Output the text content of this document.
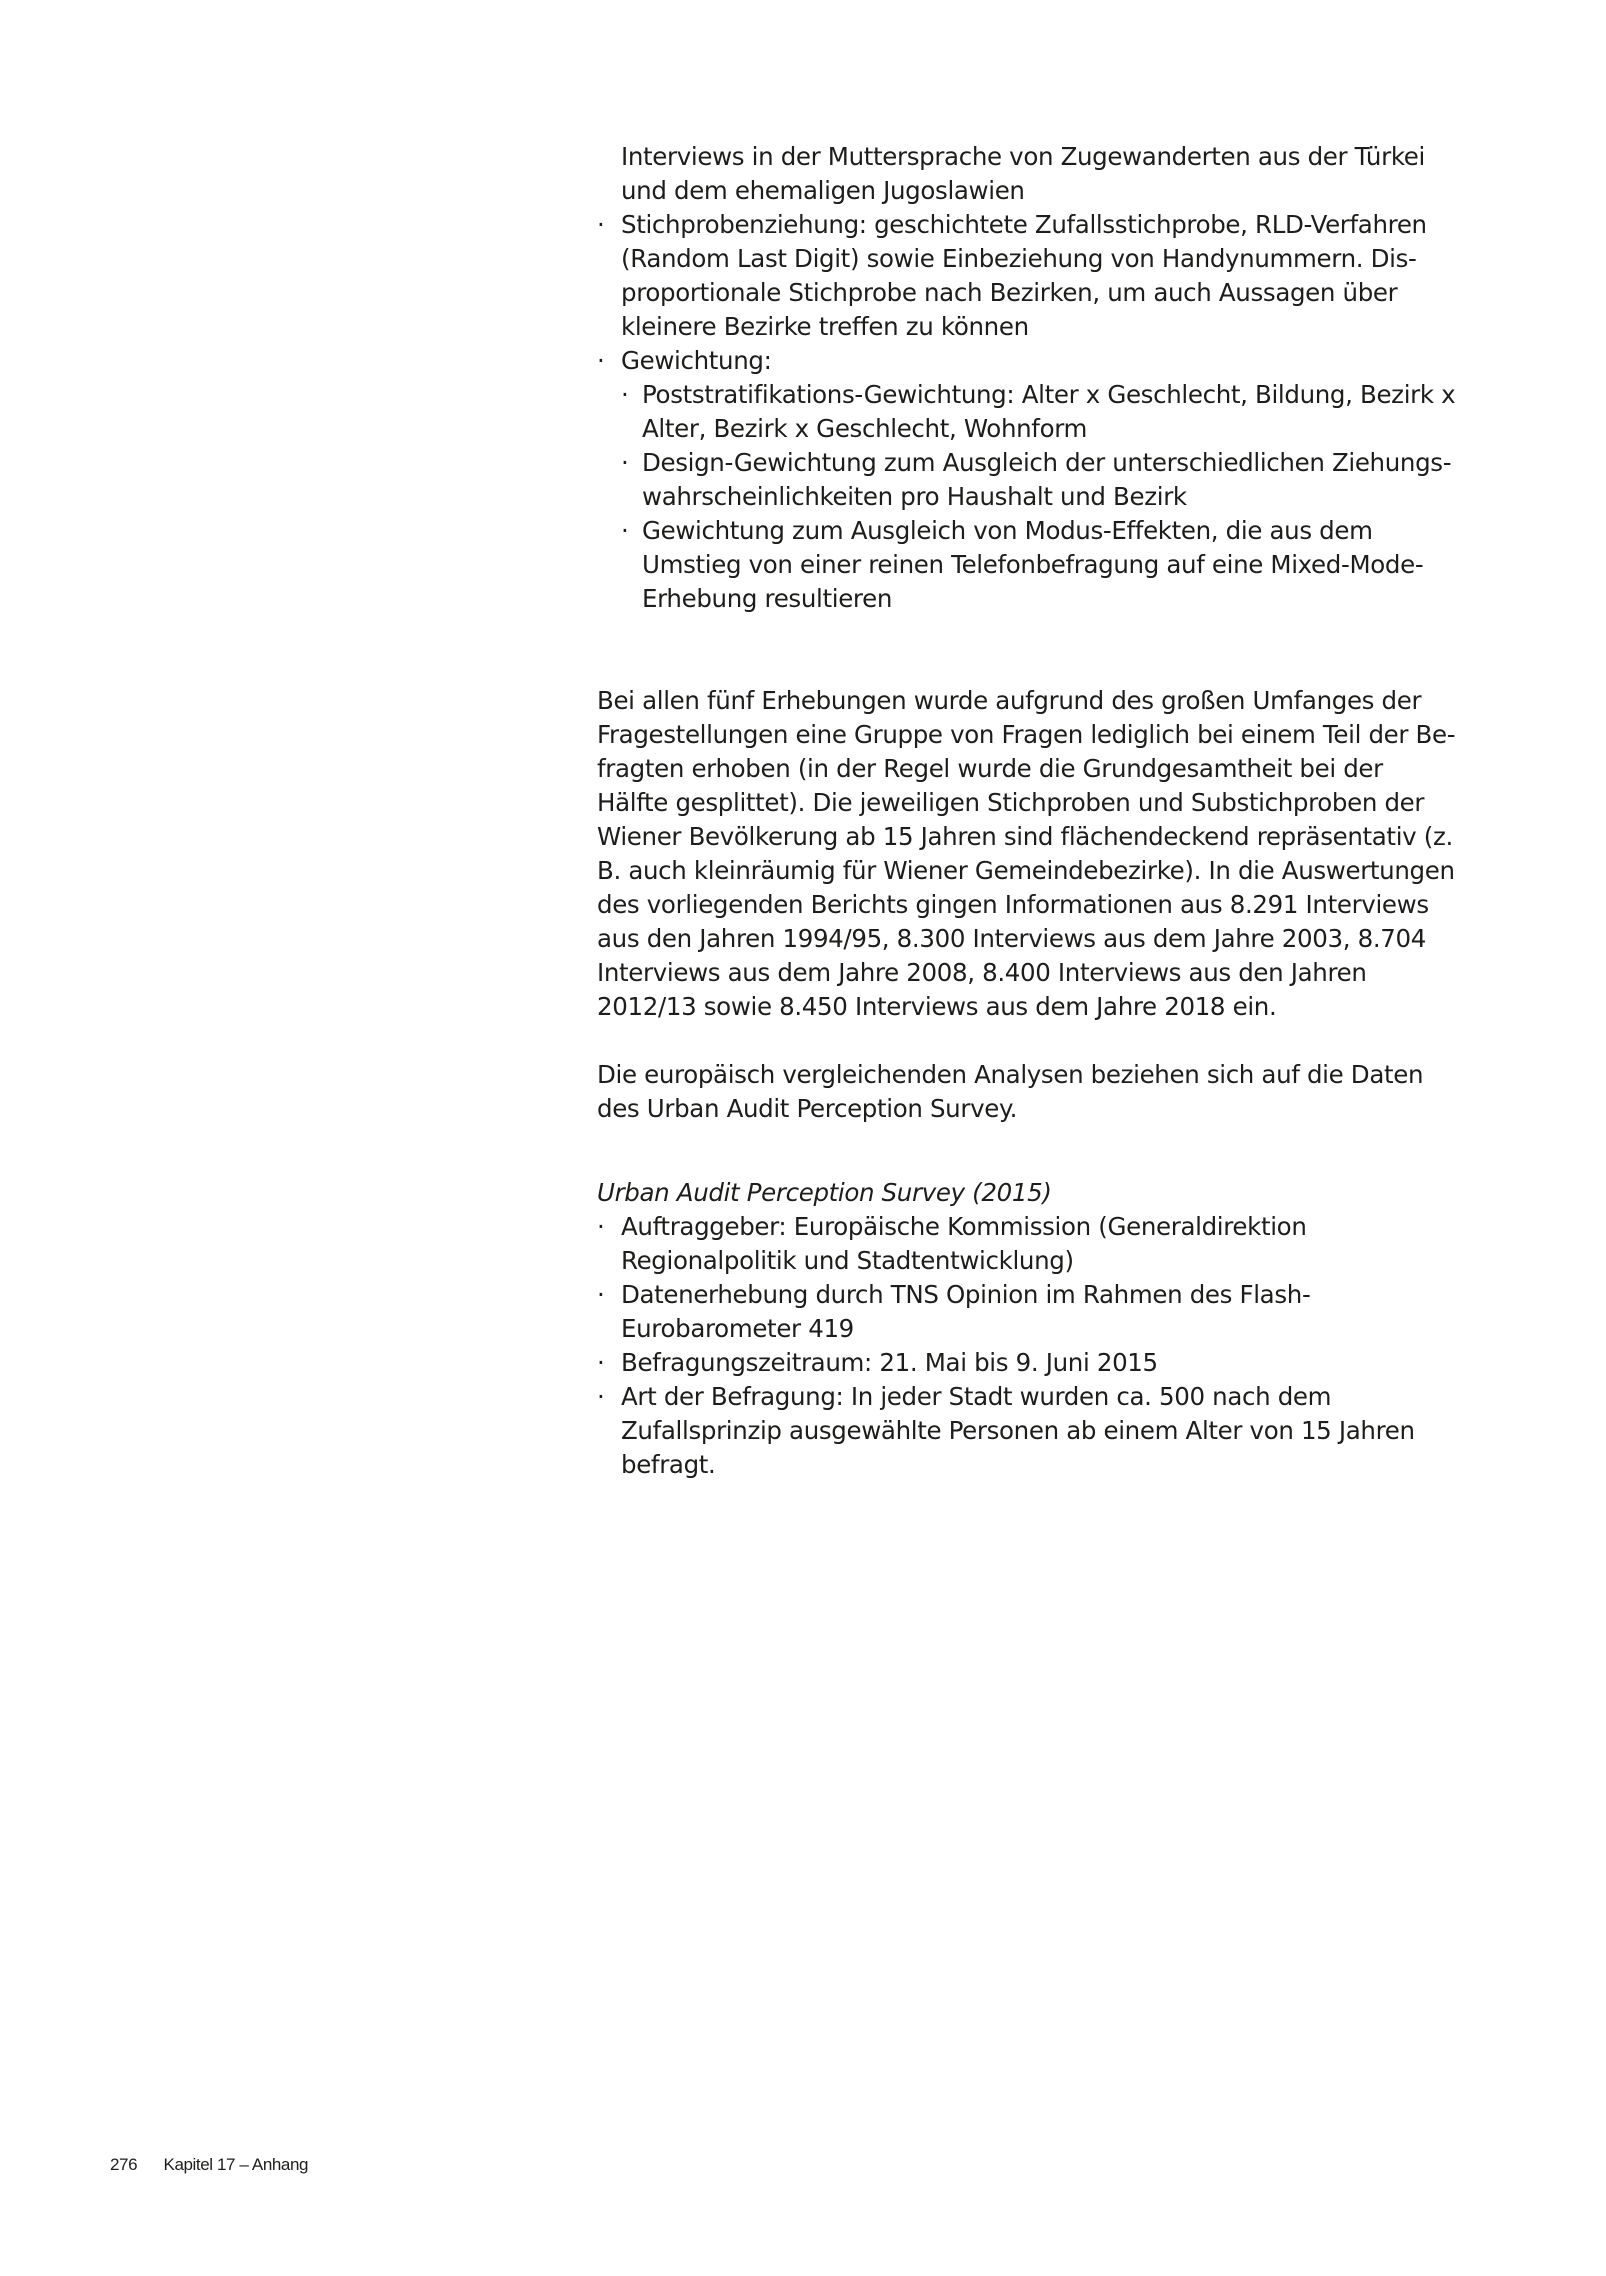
Interviews in der Muttersprache von Zugewanderten aus der Türkei und dem ehemaligen Jugoslawien

· Stichprobenziehung: geschichtete Zufallsstichprobe, RLD-Verfahren (Random Last Digit) sowie Einbeziehung von Handynummern. Disproportionale Stichprobe nach Bezirken, um auch Aussagen über kleinere Bezirke treffen zu können
· Gewichtung:
· Poststratifikations-Gewichtung: Alter x Geschlecht, Bildung, Bezirk x Alter, Bezirk x Geschlecht, Wohnform
· Design-Gewichtung zum Ausgleich der unterschiedlichen Ziehungswahrscheinlichkeiten pro Haushalt und Bezirk
· Gewichtung zum Ausgleich von Modus-Effekten, die aus dem Umstieg von einer reinen Telefonbefragung auf eine Mixed-Mode-Erhebung resultieren

Bei allen fünf Erhebungen wurde aufgrund des großen Umfanges der Fragestellungen eine Gruppe von Fragen lediglich bei einem Teil der Befragten erhoben (in der Regel wurde die Grundgesamtheit bei der Hälfte gesplittet). Die jeweiligen Stichproben und Substichproben der Wiener Bevölkerung ab 15 Jahren sind flächendeckend repräsentativ (z. B. auch kleinräumig für Wiener Gemeindebezirke). In die Auswertungen des vorliegenden Berichts gingen Informationen aus 8.291 Interviews aus den Jahren 1994/95, 8.300 Interviews aus dem Jahre 2003, 8.704 Interviews aus dem Jahre 2008, 8.400 Interviews aus den Jahren 2012/13 sowie 8.450 Interviews aus dem Jahre 2018 ein.

Die europäisch vergleichenden Analysen beziehen sich auf die Daten des Urban Audit Perception Survey.

Urban Audit Perception Survey (2015)

· Auftraggeber: Europäische Kommission (Generaldirektion Regionalpolitik und Stadtentwicklung)
· Datenerhebung durch TNS Opinion im Rahmen des Flash-Eurobarometer 419
· Befragungszeitraum: 21. Mai bis 9. Juni 2015
· Art der Befragung: In jeder Stadt wurden ca. 500 nach dem Zufallsprinzip ausgewählte Personen ab einem Alter von 15 Jahren befragt.
276 Kapitel 17 – Anhang
